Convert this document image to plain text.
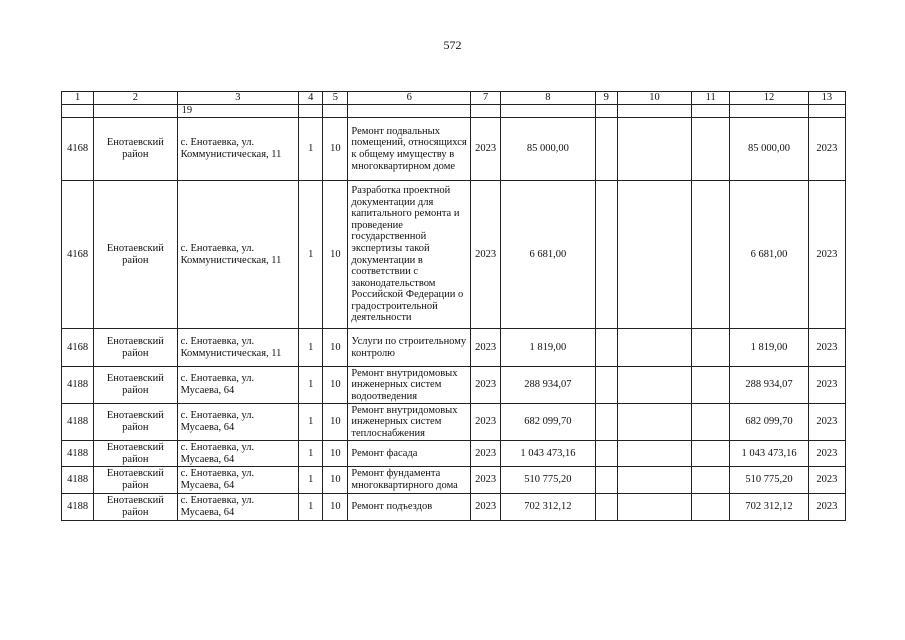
572
1	2	3	4	5	6	7	8	9	10	11	12	13
		19										
4168	Енотаевский район	с. Енотаевка, ул. Коммунистическая, 11	1	10	Ремонт подвальных помещений, относящихся к общему имуществу в многоквартирном доме	2023	85 000,00				85 000,00	2023
4168	Енотаевский район	с. Енотаевка, ул. Коммунистическая, 11	1	10	Разработка проектной документации для капитального ремонта и проведение государственной экспертизы такой документации в соответствии с законодательством Российской Федерации о градостроительной деятельности	2023	6 681,00				6 681,00	2023
4168	Енотаевский район	с. Енотаевка, ул. Коммунистическая, 11	1	10	Услуги по строительному контролю	2023	1 819,00				1 819,00	2023
4188	Енотаевский район	с. Енотаевка, ул. Мусаева, 64	1	10	Ремонт внутридомовых инженерных систем водоотведения	2023	288 934,07				288 934,07	2023
4188	Енотаевский район	с. Енотаевка, ул. Мусаева, 64	1	10	Ремонт внутридомовых инженерных систем теплоснабжения	2023	682 099,70				682 099,70	2023
4188	Енотаевский район	с. Енотаевка, ул. Мусаева, 64	1	10	Ремонт фасада	2023	1 043 473,16				1 043 473,16	2023
4188	Енотаевский район	с. Енотаевка, ул. Мусаева, 64	1	10	Ремонт фундамента многоквартирного дома	2023	510 775,20				510 775,20	2023
4188	Енотаевский район	с. Енотаевка, ул. Мусаева, 64	1	10	Ремонт подъездов	2023	702 312,12				702 312,12	2023
